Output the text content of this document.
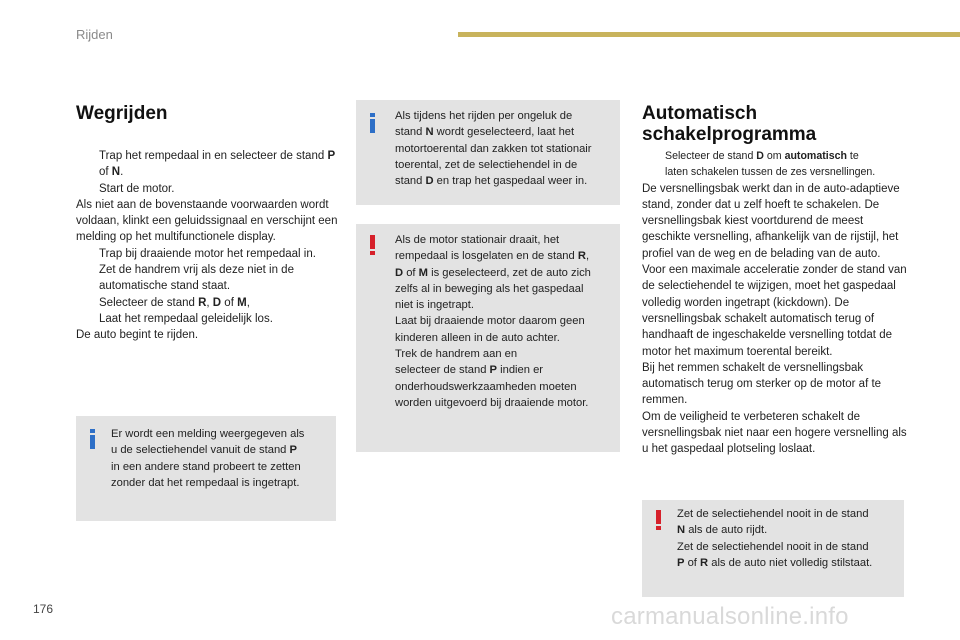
Rijden
Wegrijden

Trap het rempedaal in en selecteer de stand P of N.

Start de motor.

Als niet aan de bovenstaande voorwaarden wordt voldaan, klinkt een geluidssignaal en verschijnt een melding op het multifunctionele display.

Trap bij draaiende motor het rempedaal in.

Zet de handrem vrij als deze niet in de automatische stand staat.

Selecteer de stand R, D of M,

Laat het rempedaal geleidelijk los.

De auto begint te rijden.

Er wordt een melding weergegeven als

u de selectiehendel vanuit de stand P

in een andere stand probeert te zetten

zonder dat het rempedaal is ingetrapt.

Als tijdens het rijden per ongeluk de

stand N wordt geselecteerd, laat het

motortoerental dan zakken tot stationair

toerental, zet de selectiehendel in de

stand D en trap het gaspedaal weer in.

Als de motor stationair draait, het

rempedaal is losgelaten en de stand R,

D of M is geselecteerd, zet de auto zich

zelfs al in beweging als het gaspedaal

niet is ingetrapt.

Laat bij draaiende motor daarom geen

kinderen alleen in de auto achter.

Trek de handrem aan en

selecteer de stand P indien er

onderhoudswerkzaamheden moeten

worden uitgevoerd bij draaiende motor.

Automatisch
schakelprogramma

Selecteer de stand D om automatisch te
laten schakelen tussen de zes versnellingen.

De versnellingsbak werkt dan in de auto-adaptieve stand, zonder dat u zelf hoeft te schakelen. De versnellingsbak kiest voortdurend de meest geschikte versnelling, afhankelijk van de rijstijl, het profiel van de weg en de belading van de auto.

Voor een maximale acceleratie zonder de stand van de selectiehendel te wijzigen, moet het gaspedaal volledig worden ingetrapt (kickdown). De versnellingsbak schakelt automatisch terug of handhaaft de ingeschakelde versnelling totdat de motor het maximum toerental bereikt.

Bij het remmen schakelt de versnellingsbak automatisch terug om sterker op de motor af te remmen.

Om de veiligheid te verbeteren schakelt de versnellingsbak niet naar een hogere versnelling als u het gaspedaal plotseling loslaat.

Zet de selectiehendel nooit in de stand

N als de auto rijdt.

Zet de selectiehendel nooit in de stand

P of R als de auto niet volledig stilstaat.

176	carmanualsonline.info
